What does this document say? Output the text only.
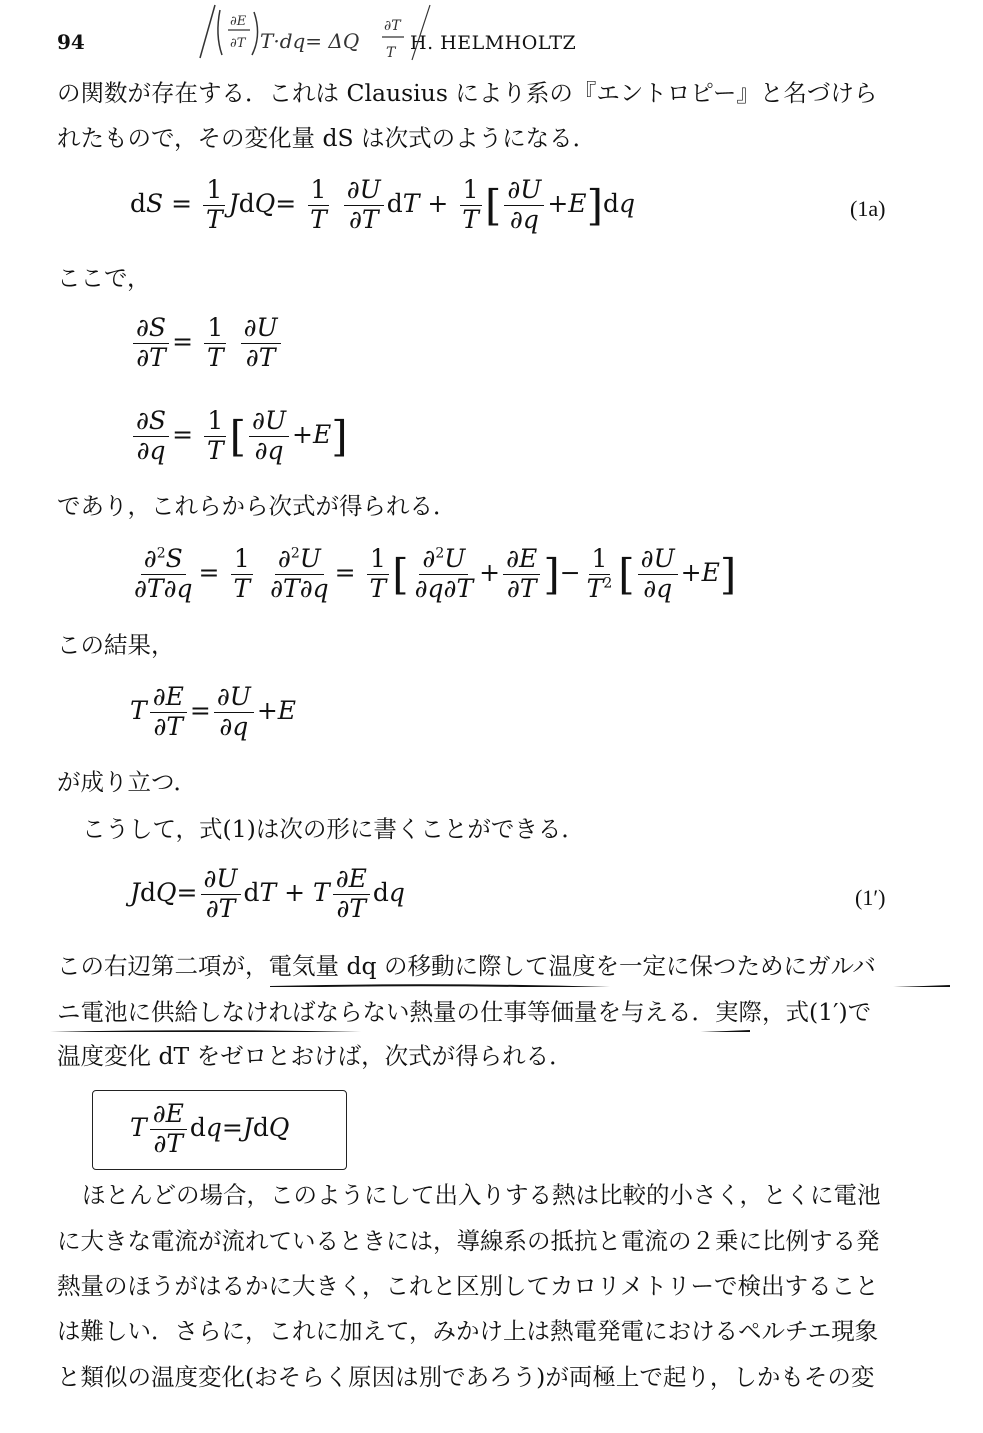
94	H. HELMHOLTZ
∂E
∂T T·dq= ΔQ
∂T
T
の関数が存在する．これは Clausius により系の『エントロピー』と名づけら
れたもので，その変化量 dS は次式のようになる．
dS = $\frac{1}{T} JdQ= \frac{1}{T}$
$\frac{\partial U}{\partial T}$ dT + $\frac{1}{T}$ [ $\frac{\partial U}{\partial q} +E]dq$	(1a)
ここで，
$\frac{\partial S}{\partial T} = \frac{1}{T}$
$\frac{\partial U}{\partial T}$
$\frac{\partial S}{\partial q} = \frac{1}{T}$ [ $\frac{\partial U}{\partial q} +E$]
であり，これらから次式が得られる．
$\frac{\partial^2S}{\partial T\partial q} = \frac{1}{T}$
$\frac{\partial^2U}{\partial T\partial q} = \frac{1}{T}$ [ $\frac{\partial^2U}{\partial q\partial T} + \frac{\partial E}{\partial T}$ ]− $\frac{1}{T^2}$ [ $\frac{\partial U}{\partial q} +E$]
この結果，
T $\frac{\partial E}{\partial T} = \frac{\partial U}{\partial q} +E$
が成り立つ．
こうして，式(1)は次の形に書くことができる．
$JdQ= \frac{\partial U}{\partial T}$ dT + T $\frac{\partial E}{\partial T}$ dq	(1′)
この右辺第二項が，電気量 dq の移動に際して温度を一定に保つためにガルバ
ニ電池に供給しなければならない熱量の仕事等価量を与える．実際，式(1′)で
温度変化 dT をゼロとおけば，次式が得られる．
T $\frac{\partial E}{\partial T} dq=JdQ$
ほとんどの場合，このようにして出入りする熱は比較的小さく，とくに電池
に大きな電流が流れているときには，導線系の抵抗と電流の２乗に比例する発
熱量のほうがはるかに大きく，これと区別してカロリメトリーで検出すること
は難しい．さらに，これに加えて，みかけ上は熱電発電におけるペルチエ現象
と類似の温度変化(おそらく原因は別であろう)が両極上で起り，しかもその変
